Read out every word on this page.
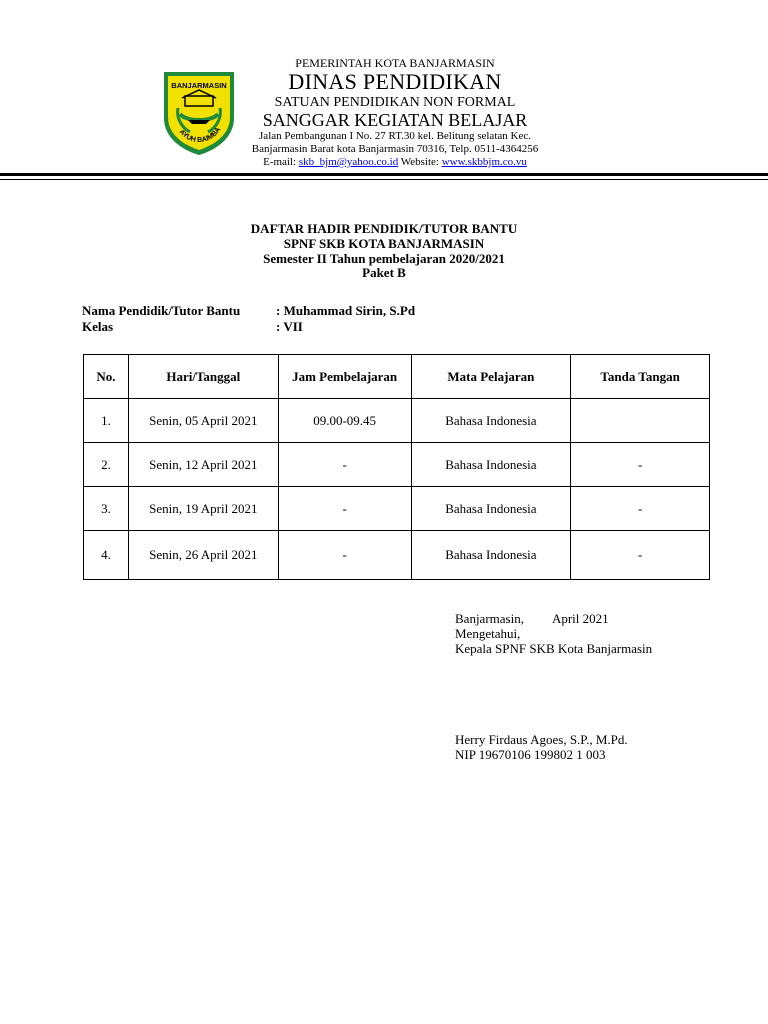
BANJARMASIN
AYUH BAIMBA
PEMERINTAH KOTA BANJARMASIN
DINAS PENDIDIKAN
SATUAN PENDIDIKAN NON FORMAL
SANGGAR KEGIATAN BELAJAR
Jalan Pembangunan I No. 27 RT.30 kel. Belitung selatan Kec.
Banjarmasin Barat kota Banjarmasin 70316, Telp. 0511-4364256
E-mail: skb_bjm@yahoo.co.id Website: www.skbbjm.co.vu
DAFTAR HADIR PENDIDIK/TUTOR BANTU
SPNF SKB KOTA BANJARMASIN
Semester II Tahun pembelajaran 2020/2021
Paket B
Nama Pendidik/Tutor Bantu	: Muhammad Sirin, S.Pd
Kelas	: VII
No.	Hari/Tanggal	Jam Pembelajaran	Mata Pelajaran	Tanda Tangan
1.	Senin, 05 April 2021	09.00-09.45	Bahasa Indonesia	
2.	Senin, 12 April 2021	-	Bahasa Indonesia	-
3.	Senin, 19 April 2021	-	Bahasa Indonesia	-
4.	Senin, 26 April 2021	-	Bahasa Indonesia	-
Banjarmasin, April 2021
Mengetahui,
Kepala SPNF SKB Kota Banjarmasin
Herry Firdaus Agoes, S.P., M.Pd.
NIP 19670106 199802 1 003
